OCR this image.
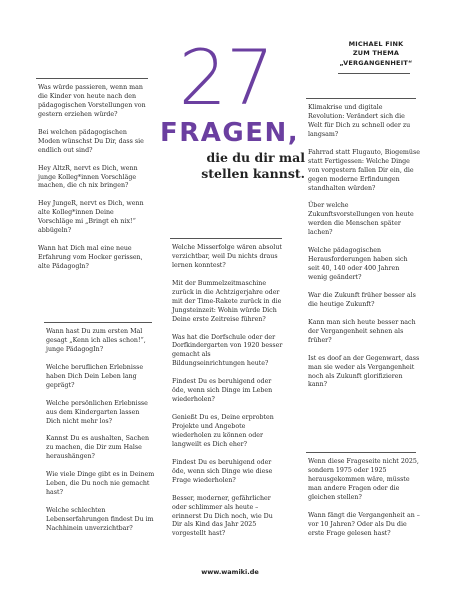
MICHAEL FINK
ZUM THEMA
„VERGANGENHEIT“
27
FRAGEN,
die du dir mal
stellen kannst.

Was würde passieren, wenn man die Kinder von heute nach den pädagogischen Vorstellungen von gestern erziehen würde?

Bei welchen pädagogischen Moden wünschst Du Dir, dass sie endlich out sind?

Hey AltzR, nervt es Dich, wenn junge Kolleg*innen Vorschläge machen, die ch nix bringen?

Hey JungeR, nervt es Dich, wenn alte Kolleg*innen Deine Vorschläge mi „Bringt eh nix!“ abbügeln?

Wann hat Dich mal eine neue Erfahrung vom Hocker gerissen, alte Pädagogln?

Wann hast Du zum ersten Mal gesagt „Kenn ich alles schon!“, junge PädagogIn?

Welche beruflichen Erlebnisse haben Dich Dein Leben lang geprägt?

Welche persönlichen Erlebnisse aus dem Kindergarten lassen Dich nicht mehr los?

Kannst Du es aushalten, Sachen zu machen, die Dir zum Halse heraushängen?

Wie viele Dinge gibt es in Deinem Leben, die Du noch nie gemacht hast?

Welche schlechten Lebenserfahrungen findest Du im Nachhinein unverzichtbar?

Welche Misserfolge wären absolut verzichtbar, weil Du nichts draus lernen konntest?

Mit der Bummelzeitmaschine zurück in die Achtzigerjahre oder mit der Time-Rakete zurück in die Jungsteinzeit: Wohin würde Dich Deine erste Zeitreise führen?

Was hat die Dorfschule oder der Dorfkindergarten von 1920 besser gemacht als Bildungseinrichtungen heute?

Findest Du es beruhigend oder öde, wenn sich Dinge im Leben wiederholen?

Genießt Du es, Deine erprobten Projekte und Angebote wiederholen zu können oder langweilt es Dich eher?

Findest Du es beruhigend oder öde, wenn sich Dinge wie diese Frage wiederholen?

Besser, moderner, gefährlicher oder schlimmer als heute – erinnerst Du Dich noch, wie Du Dir als Kind das Jahr 2025 vorgestellt hast?

Klimakrise und digitale Revolution: Verändert sich die Welt für Dich zu schnell oder zu langsam?

Fahrrad statt Flugauto, Biogemüse statt Fertigessen: Welche Dinge von vorgestern fallen Dir ein, die gegen moderne Erfindungen standhalten würden?

Über welche Zukunftsvorstellungen von heute werden die Menschen später lachen?

Welche pädagogischen Herausforderungen haben sich seit 40, 140 oder 400 Jahren wenig geändert?

War die Zukunft früher besser als die heutige Zukunft?

Kann man sich heute besser nach der Vergangenheit sehnen als früher?

Ist es doof an der Gegenwart, dass man sie weder als Vergangenheit noch als Zukunft glorifizieren kann?

Wenn diese Frageseite nicht 2025, sondern 1975 oder 1925 herausgekommen wäre, müsste man andere Fragen oder die gleichen stellen?

Wann fängt die Vergangenheit an – vor 10 Jahren? Oder als Du die erste Frage gelesen hast?

www.wamiki.de
